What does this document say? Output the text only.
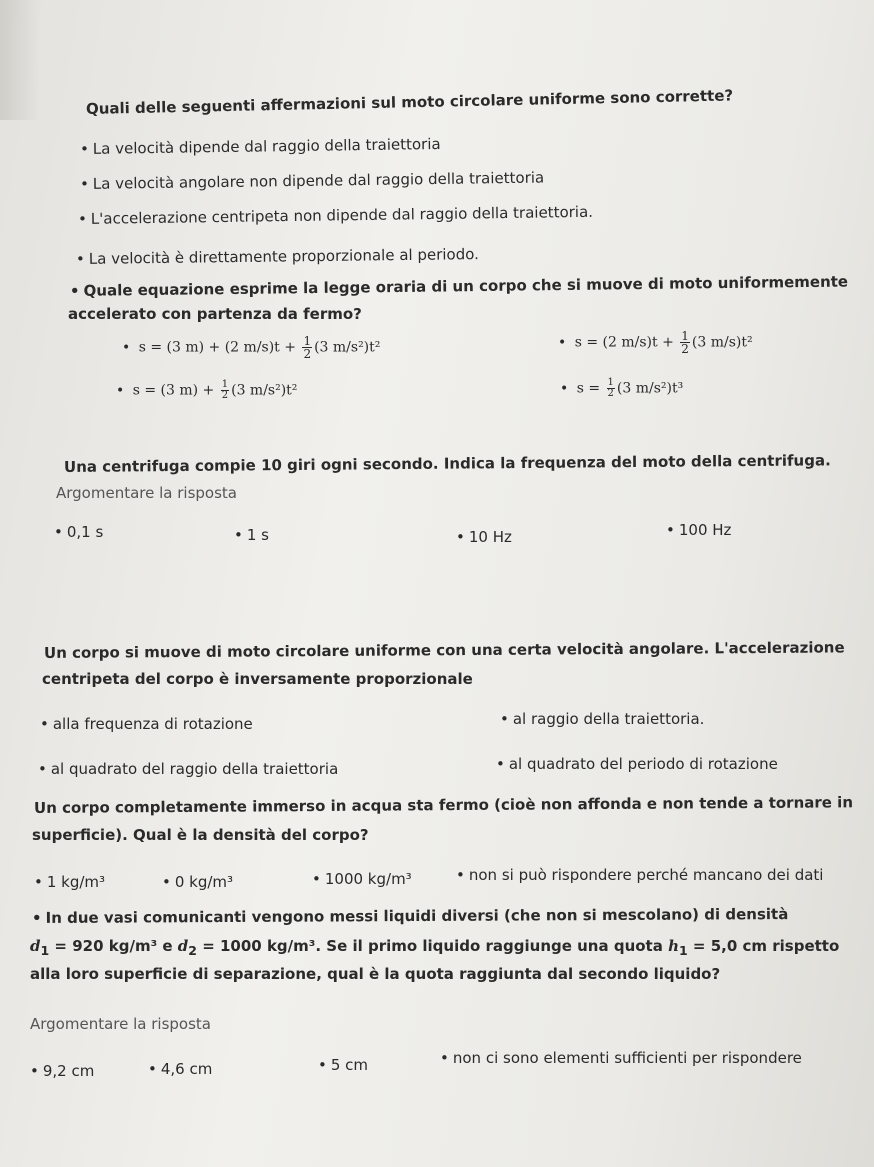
Quali delle seguenti affermazioni sul moto circolare uniforme sono corrette?
• La velocità dipende dal raggio della traiettoria
• La velocità angolare non dipende dal raggio della traiettoria
• L'accelerazione centripeta non dipende dal raggio della traiettoria.
• La velocità è direttamente proporzionale al periodo.
• Quale equazione esprime la legge oraria di un corpo che si muove di moto uniformemente
accelerato con partenza da fermo?
• s = (3 m) + (2 $m/s)t + \frac{1}{2} (3$ m/s²)t²	• s = (2 $m/s)t + \frac{1}{2} (3$ m/s)t²
• s = (3 $m) + \frac{1}{2} (3$ m/s²)t²	• $s = \frac{1}{2} (3$ m/s²)t³
Una centrifuga compie 10 giri ogni secondo. Indica la frequenza del moto della centrifuga.
Argomentare la risposta
• 0,1 s	• 1 s	• 10 Hz	• 100 Hz
Un corpo si muove di moto circolare uniforme con una certa velocità angolare. L'accelerazione
centripeta del corpo è inversamente proporzionale
• alla frequenza di rotazione	• al raggio della traiettoria.
• al quadrato del raggio della traiettoria	• al quadrato del periodo di rotazione
Un corpo completamente immerso in acqua sta fermo (cioè non affonda e non tende a tornare in
superficie). Qual è la densità del corpo?
• 1 kg/m³	• 0 kg/m³	• 1000 kg/m³	• non si può rispondere perché mancano dei dati
• In due vasi comunicanti vengono messi liquidi diversi (che non si mescolano) di densità
$d_1 = 920$ kg/m³ e $d_2 = 1000$ kg/m³. Se il primo liquido raggiunge una quota $h_1 = 5,0$ cm rispetto
alla loro superficie di separazione, qual è la quota raggiunta dal secondo liquido?
Argomentare la risposta
• 9,2 cm	• 4,6 cm	• 5 cm	• non ci sono elementi sufficienti per rispondere
